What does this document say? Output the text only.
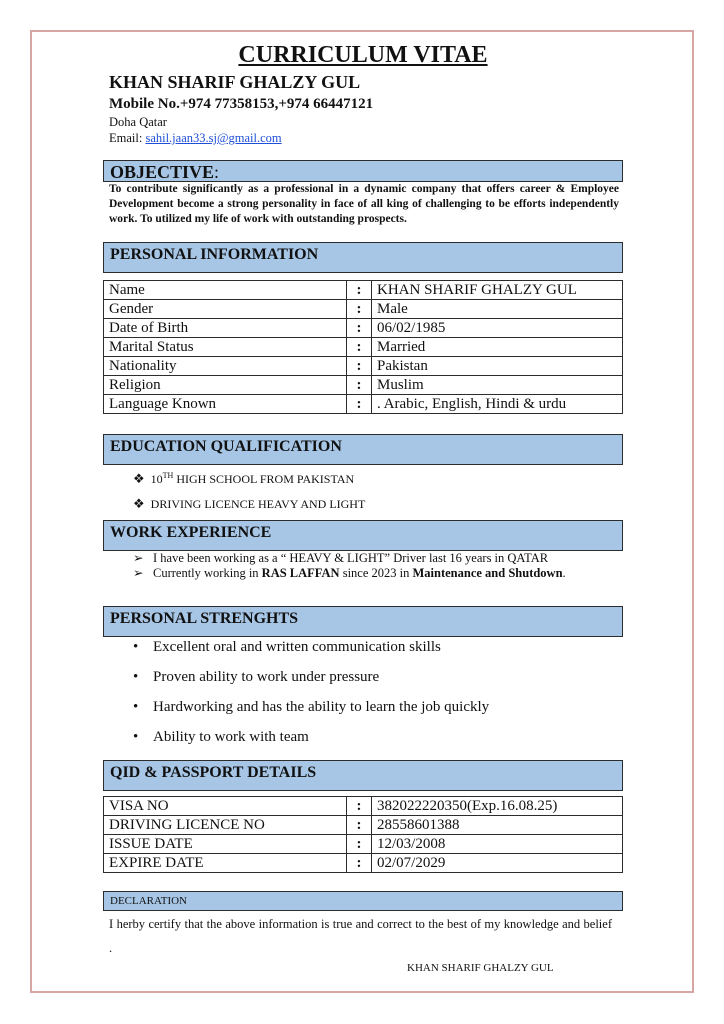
CURRICULUM VITAE
KHAN SHARIF GHALZY GUL
Mobile No.+974 77358153,+974 66447121
Doha Qatar
Email: sahil.jaan33.sj@gmail.com
OBJECTIVE:
To contribute significantly as a professional in a dynamic company that offers career & Employee Development become a strong personality in face of all king of challenging to be efforts independently work. To utilized my life of work with outstanding prospects.
PERSONAL INFORMATION
Name	:	KHAN SHARIF GHALZY GUL
Gender	:	Male
Date of Birth	:	06/02/1985
Marital Status	:	Married
Nationality	:	Pakistan
Religion	:	Muslim
Language Known	:	. Arabic, English, Hindi & urdu
EDUCATION QUALIFICATION
❖ 10TH HIGH SCHOOL FROM PAKISTAN
❖ DRIVING LICENCE HEAVY AND LIGHT
WORK EXPERIENCE
➢ I have been working as a “ HEAVY & LIGHT” Driver last 16 years in QATAR
➢ Currently working in RAS LAFFAN since 2023 in Maintenance and Shutdown.
PERSONAL STRENGHTS
• Excellent oral and written communication skills
• Proven ability to work under pressure
• Hardworking and has the ability to learn the job quickly
• Ability to work with team
QID & PASSPORT DETAILS
VISA NO	:	382022220350(Exp.16.08.25)
DRIVING LICENCE NO	:	28558601388
ISSUE DATE	:	12/03/2008
EXPIRE DATE	:	02/07/2029
DECLARATION
I herby certify that the above information is true and correct to the best of my knowledge and belief .
KHAN SHARIF GHALZY GUL
